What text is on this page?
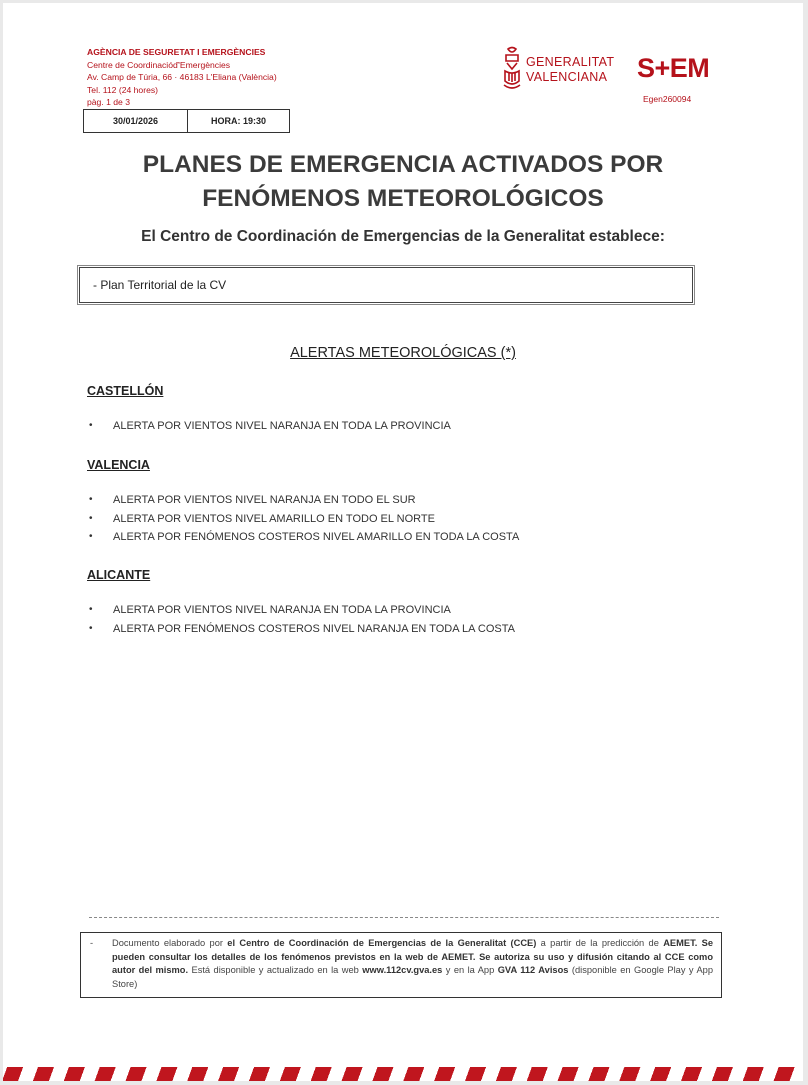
AGÈNCIA DE SEGURETAT I EMERGÈNCIES
Centre de Coordinacióď'Emergències
Av. Camp de Túria, 66 · 46183 L'Eliana (València)
Tel. 112 (24 hores)
pàg. 1 de 3
30/01/2026	HORA: 19:30
GENERALITAT
VALENCIANA S+EM
Egen260094
PLANES DE EMERGENCIA ACTIVADOS POR
FENÓMENOS METEOROLÓGICOS
El Centro de Coordinación de Emergencias de la Generalitat establece:
- Plan Territorial de la CV
ALERTAS METEOROLÓGICAS (*)
CASTELLÓN
• ALERTA POR VIENTOS NIVEL NARANJA EN TODA LA PROVINCIA
VALENCIA
• ALERTA POR VIENTOS NIVEL NARANJA EN TODO EL SUR
• ALERTA POR VIENTOS NIVEL AMARILLO EN TODO EL NORTE
• ALERTA POR FENÓMENOS COSTEROS NIVEL AMARILLO EN TODA LA COSTA
ALICANTE
• ALERTA POR VIENTOS NIVEL NARANJA EN TODA LA PROVINCIA
• ALERTA POR FENÓMENOS COSTEROS NIVEL NARANJA EN TODA LA COSTA
- Documento elaborado por el Centro de Coordinación de Emergencias de la Generalitat (CCE) a partir de la predicción de AEMET. Se pueden consultar los detalles de los fenómenos previstos en la web de AEMET. Se autoriza su uso y difusión citando al CCE como autor del mismo. Está disponible y actualizado en la web www.112cv.gva.es y en la App GVA 112 Avisos (disponible en Google Play y App Store)
